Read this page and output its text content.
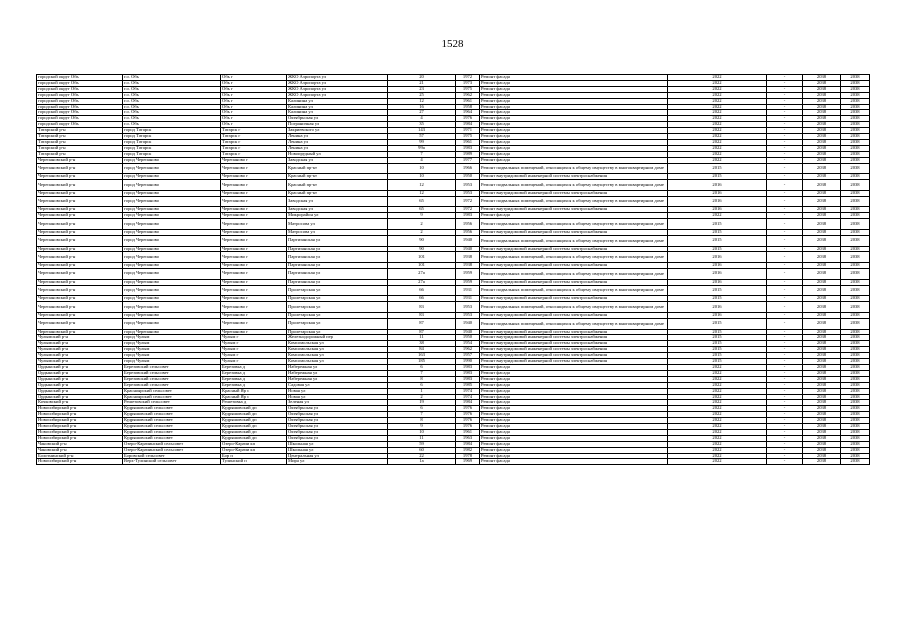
1528
городской округ Обь	г.о. Обь	Обь г	ЖКО Аэропорта ул	20	1972	Ремонт фасада	2022	-	2038	2038
городской округ Обь	г.о. Обь	Обь г	ЖКО Аэропорта ул	21	1973	Ремонт фасада	2022	-	2038	2038
городской округ Обь	г.о. Обь	Обь г	ЖКО Аэропорта ул	23	1975	Ремонт фасада	2022	-	2038	2038
городской округ Обь	г.о. Обь	Обь г	ЖКО Аэропорта ул	25	1962	Ремонт фасада	2022	-	2038	2038
городской округ Обь	г.о. Обь	Обь г	Калинина ул	12	1961	Ремонт фасада	2022	-	2038	2038
городской округ Обь	г.о. Обь	Обь г	Калинина ул	16	1958	Ремонт фасада	2022	-	2038	2038
городской округ Обь	г.о. Обь	Обь г	Калинина ул	27	1964	Ремонт фасада	2022	-	2038	2038
городской округ Обь	г.о. Обь	Обь г	Октябрьская ул	4	1976	Ремонт фасада	2022	-	2038	2038
городской округ Обь	г.о. Обь	Обь г	Пограничная ул	35	1984	Ремонт фасада	2022	-	2038	2038
Татарский р-н	город Татарск	Татарск г	Закриевского ул	143	1971	Ремонт фасада	2022	-	2038	2038
Татарский р-н	город Татарск	Татарск г	Ленина ул	57	1975	Ремонт фасада	2022	-	2038	2038
Татарский р-н	город Татарск	Татарск г	Ленина ул	99	1961	Ремонт фасада	2022	-	2038	2038
Татарский р-н	город Татарск	Татарск г	Ленина ул	99а	1983	Ремонт фасада	2022	-	2038	2038
Татарский р-н	город Татарск	Татарск г	Новопрудный ул	7	1989	Ремонт фасада	2022	-	2038	2038
Черепановский р-н	город Черепаново	Черепаново г	Заводская ул	4	1977	Ремонт фасада	2022	-	2038	2038
Черепановский р-н	город Черепаново	Черепаново г	Красный пр-кт	10	1966	Ремонт подвальных помещений, относящихся к общему имуществу в многоквартирном доме	2015	-	2038	2038
Черепановский р-н	город Черепаново	Черепаново г	Красный пр-кт	10	1950	Ремонт внутридомовой инженерной системы электроснабжения	2015	-	2038	2038
Черепановский р-н	город Черепаново	Черепаново г	Красный пр-кт	12	1953	Ремонт подвальных помещений, относящихся к общему имуществу в многоквартирном доме	2016	-	2038	2038
Черепановский р-н	город Черепаново	Черепаново г	Красный пр-кт	12	1953	Ремонт внутридомовой инженерной системы электроснабжения	2016	-	2038	2038
Черепановский р-н	город Черепаново	Черепаново г	Заводская ул	65	1972	Ремонт подвальных помещений, относящихся к общему имуществу в многоквартирном доме	2016	-	2038	2038
Черепановский р-н	город Черепаново	Черепаново г	Заводская ул	65	1972	Ремонт внутридомовой инженерной системы электроснабжения	2016	-	2038	2038
Черепановский р-н	город Черепаново	Черепаново г	Микрорайон ул	9	1983	Ремонт фасада	2022	-	2038	2038
Черепановский р-н	город Черепаново	Черепаново г	Матросова ул	2	1956	Ремонт подвальных помещений, относящихся к общему имуществу в многоквартирном доме	2015	-	2038	2038
Черепановский р-н	город Черепаново	Черепаново г	Матросова ул	2	1956	Ремонт внутридомовой инженерной системы электроснабжения	2015	-	2038	2038
Черепановский р-н	город Черепаново	Черепаново г	Партизанская ул	90	1940	Ремонт подвальных помещений, относящихся к общему имуществу в многоквартирном доме	2015	-	2038	2038
Черепановский р-н	город Черепаново	Черепаново г	Партизанская ул	90	1940	Ремонт внутридомовой инженерной системы электроснабжения	2015	-	2038	2038
Черепановский р-н	город Черепаново	Черепаново г	Партизанская ул	101	1938	Ремонт подвальных помещений, относящихся к общему имуществу в многоквартирном доме	2016	-	2038	2038
Черепановский р-н	город Черепаново	Черепаново г	Партизанская ул	101	1938	Ремонт внутридомовой инженерной системы электроснабжения	2016	-	2038	2038
Черепановский р-н	город Черепаново	Черепаново г	Партизанская ул	27а	1959	Ремонт подвальных помещений, относящихся к общему имуществу в многоквартирном доме	2016	-	2038	2038
Черепановский р-н	город Черепаново	Черепаново г	Партизанская ул	27а	1959	Ремонт внутридомовой инженерной системы электроснабжения	2016	-	2038	2038
Черепановский р-н	город Черепаново	Черепаново г	Пролетарская ул	66	1931	Ремонт подвальных помещений, относящихся к общему имуществу в многоквартирном доме	2015	-	2038	2038
Черепановский р-н	город Черепаново	Черепаново г	Пролетарская ул	66	1931	Ремонт внутридомовой инженерной системы электроснабжения	2015	-	2038	2038
Черепановский р-н	город Черепаново	Черепаново г	Пролетарская ул	83	1953	Ремонт подвальных помещений, относящихся к общему имуществу в многоквартирном доме	2016	-	2038	2038
Черепановский р-н	город Черепаново	Черепаново г	Пролетарская ул	83	1953	Ремонт внутридомовой инженерной системы электроснабжения	2016	-	2038	2038
Черепановский р-н	город Черепаново	Черепаново г	Пролетарская ул	87	1940	Ремонт подвальных помещений, относящихся к общему имуществу в многоквартирном доме	2015	-	2038	2038
Черепановский р-н	город Черепаново	Черепаново г	Пролетарская ул	87	1940	Ремонт внутридомовой инженерной системы электроснабжения	2015	-	2038	2038
Чулымский р-н	город Чулым	Чулым г	Железнодорожный пер	11	1950	Ремонт внутридомовой инженерной системы электроснабжения	2015	-	2038	2038
Чулымский р-н	город Чулым	Чулым г	Комсомольская ул	38	1954	Ремонт внутридомовой инженерной системы электроснабжения	2015	-	2038	2038
Чулымский р-н	город Чулым	Чулым г	Комсомольская ул	84	1962	Ремонт внутридомовой инженерной системы электроснабжения	2015	-	2038	2038
Чулымский р-н	город Чулым	Чулым г	Комсомольская ул	163	1957	Ремонт внутридомовой инженерной системы электроснабжения	2015	-	2038	2038
Чулымский р-н	город Чулым	Чулым г	Комсомольская ул	185	1990	Ремонт внутридомовой инженерной системы электроснабжения	2015	-	2038	2038
Ордынский р-н	Березовский сельсовет	Березовка д	Набережная ул	6	1983	Ремонт фасада	2022	-	2038	2038
Ордынский р-н	Березовский сельсовет	Березовка д	Набережная ул	7	1983	Ремонт фасада	2022	-	2038	2038
Ордынский р-н	Березовский сельсовет	Березовка д	Набережная ул	8	1983	Ремонт фасада	2022	-	2038	2038
Ордынский р-н	Березовский сельсовет	Березовка д	Садовая ул	6	1985	Ремонт фасада	2022	-	2038	2038
Ордынский р-н	Красноярский сельсовет	Красный Яр с	Новая ул	1	1974	Ремонт фасада	2022	-	2038	2038
Ордынский р-н	Красноярский сельсовет	Красный Яр с	Новая ул	2	1974	Ремонт фасада	2022	-	2038	2038
Кочковский р-н	Решетовский сельсовет	Решетовка д	Зеленая ул	19	1984	Ремонт фасада	2022	-	2038	2038
Новосибирский р-н	Кудряшовский сельсовет	Кудряшовский дп	Октябрьская ул	6	1976	Ремонт фасада	2022	-	2038	2038
Новосибирский р-н	Кудряшовский сельсовет	Кудряшовский дп	Октябрьская ул	7	1976	Ремонт фасада	2022	-	2038	2038
Новосибирский р-н	Кудряшовский сельсовет	Кудряшовский дп	Октябрьская ул	8	1976	Ремонт фасада	2022	-	2038	2038
Новосибирский р-н	Кудряшовский сельсовет	Кудряшовский дп	Октябрьская ул	9	1976	Ремонт фасада	2022	-	2038	2038
Новосибирский р-н	Кудряшовский сельсовет	Кудряшовский дп	Октябрьская ул	10	1961	Ремонт фасада	2022	-	2038	2038
Новосибирский р-н	Кудряшовский сельсовет	Кудряшовский дп	Октябрьская ул	11	1963	Ремонт фасада	2022	-	2038	2038
Чановский р-н	Озеро-Карачинский сельсовет	Озеро-Карачи кп	Школьная ул	59	1984	Ремонт фасада	2022	-	2038	2038
Чановский р-н	Озеро-Карачинский сельсовет	Озеро-Карачи кп	Школьная ул	60	1982	Ремонт фасада	2022	-	2038	2038
Болотнинский р-н	Боровской сельсовет	Бор п	Центральная ул	22	1978	Ремонт фасада	2022	-	2038	2038
Новосибирский р-н	Верх-Тулинский сельсовет	Тулинский п	Мира ул	1а	1969	Ремонт фасада	2022	-	2038	2038
